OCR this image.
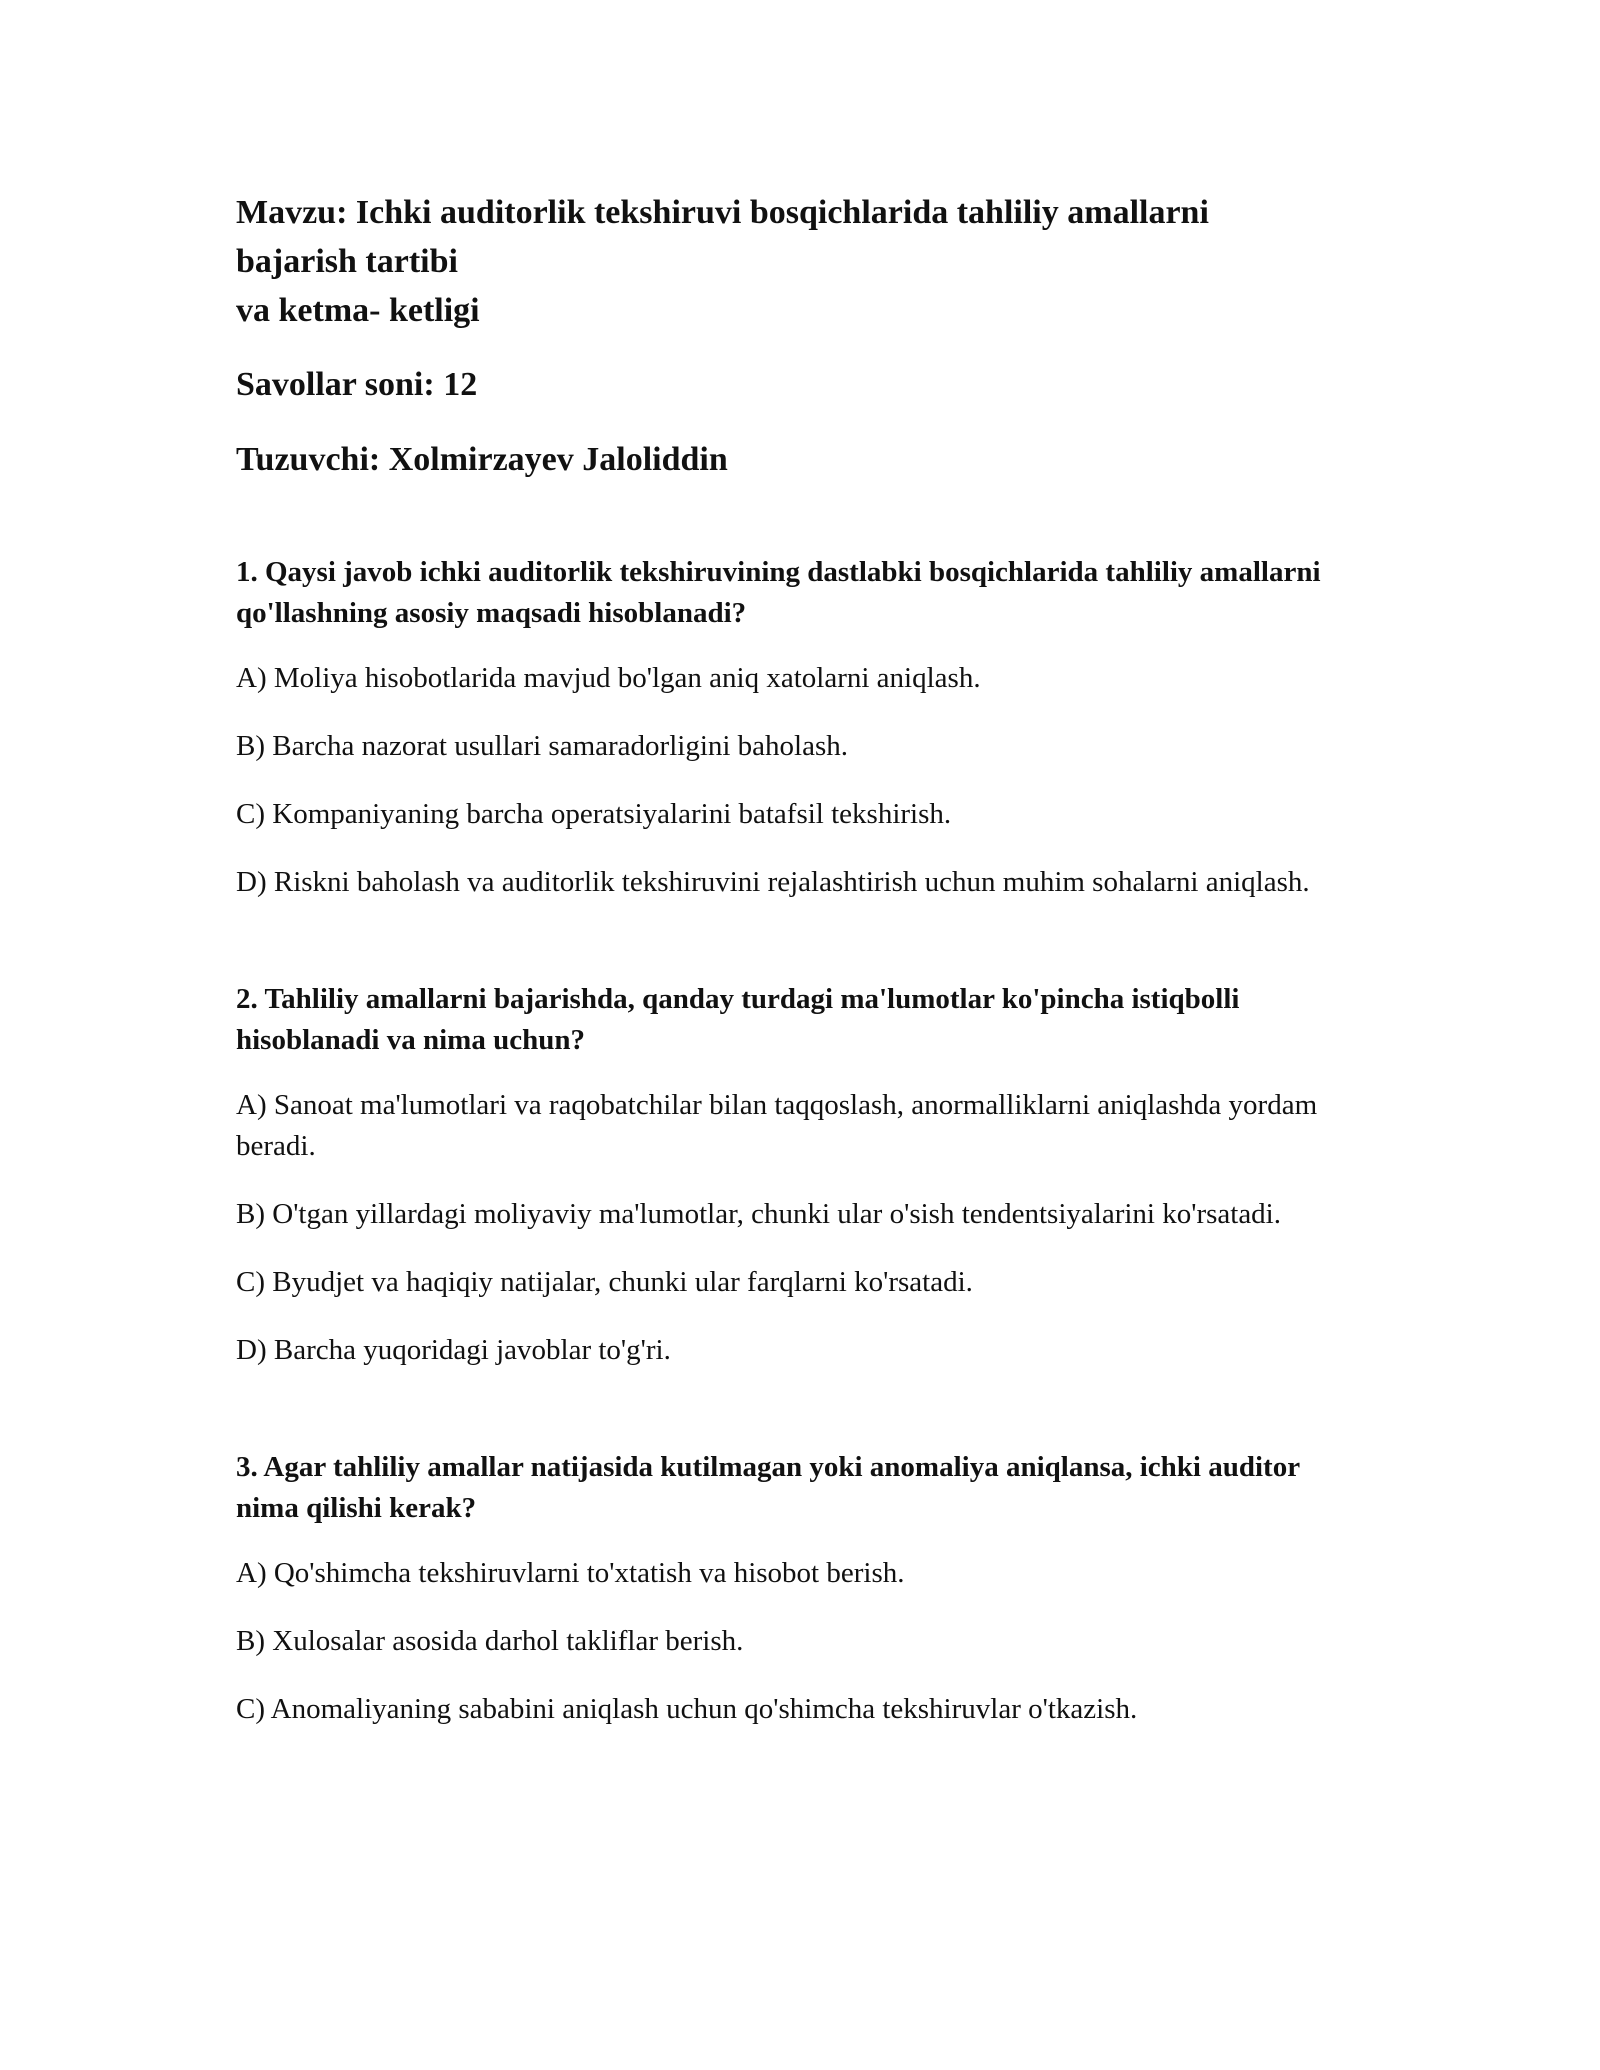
Mavzu: Ichki auditorlik tekshiruvi bosqichlarida tahliliy amallarni
bajarish tartibi
va ketma- ketligi

Savollar soni: 12

Tuzuvchi: Xolmirzayev Jaloliddin

1. Qaysi javob ichki auditorlik tekshiruvining dastlabki bosqichlarida tahliliy amallarni qo'llashning asosiy maqsadi hisoblanadi?

A) Moliya hisobotlarida mavjud bo'lgan aniq xatolarni aniqlash.

B) Barcha nazorat usullari samaradorligini baholash.

C) Kompaniyaning barcha operatsiyalarini batafsil tekshirish.

D) Riskni baholash va auditorlik tekshiruvini rejalashtirish uchun muhim sohalarni aniqlash.

2. Tahliliy amallarni bajarishda, qanday turdagi ma'lumotlar ko'pincha istiqbolli hisoblanadi va nima uchun?

A) Sanoat ma'lumotlari va raqobatchilar bilan taqqoslash, anormalliklarni aniqlashda yordam beradi.

B) O'tgan yillardagi moliyaviy ma'lumotlar, chunki ular o'sish tendentsiyalarini ko'rsatadi.

C) Byudjet va haqiqiy natijalar, chunki ular farqlarni ko'rsatadi.

D) Barcha yuqoridagi javoblar to'g'ri.

3. Agar tahliliy amallar natijasida kutilmagan yoki anomaliya aniqlansa, ichki auditor nima qilishi kerak?

A) Qo'shimcha tekshiruvlarni to'xtatish va hisobot berish.

B) Xulosalar asosida darhol takliflar berish.

C) Anomaliyaning sababini aniqlash uchun qo'shimcha tekshiruvlar o'tkazish.
